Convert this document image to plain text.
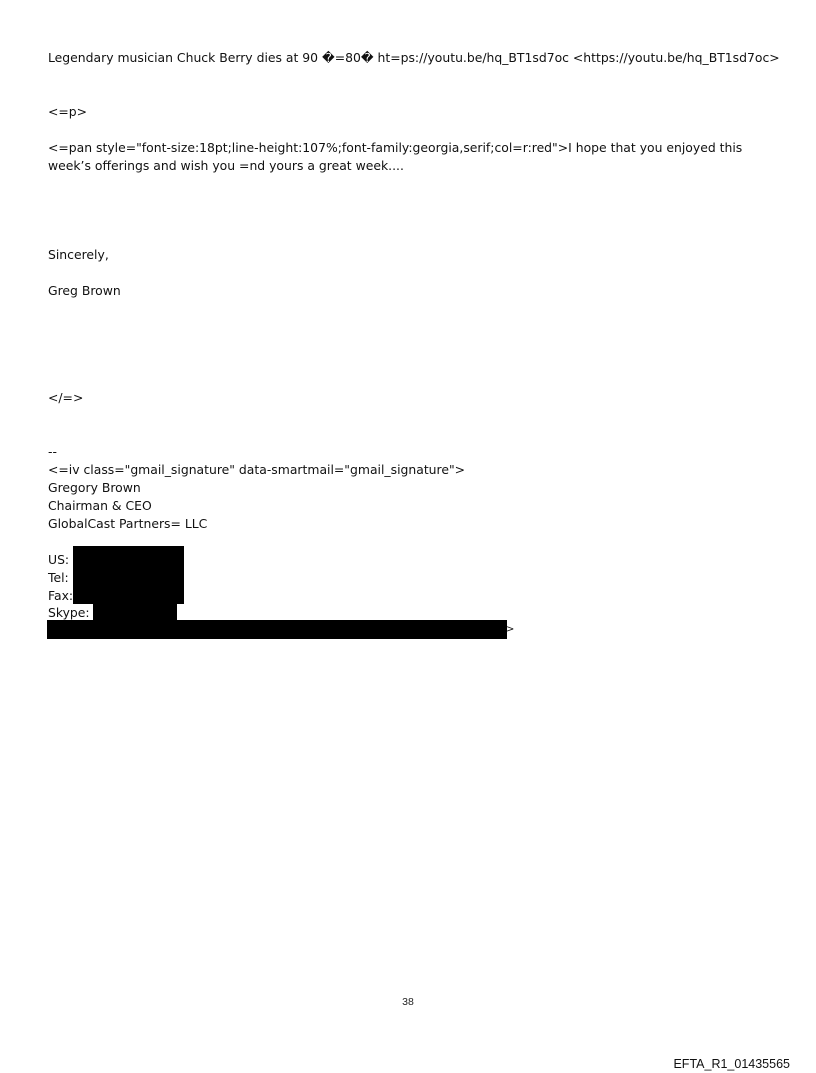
Legendary musician Chuck Berry dies at 90 �=80� ht=ps://youtu.be/hq_BT1sd7oc <https://youtu.be/hq_BT1sd7oc>
<=p>
<=pan style="font-size:18pt;line-height:107%;font-family:georgia,serif;col=r:red">I hope that you enjoyed this week’s offerings and wish you =nd yours a great week....
Sincerely,
Greg Brown
</=>
--
<=iv class="gmail_signature" data-smartmail="gmail_signature">
Gregory Brown
Chairman & CEO
GlobalCast Partners= LLC
US:
Tel:
Fax:
Skype:
>
38
EFTA_R1_01435565
